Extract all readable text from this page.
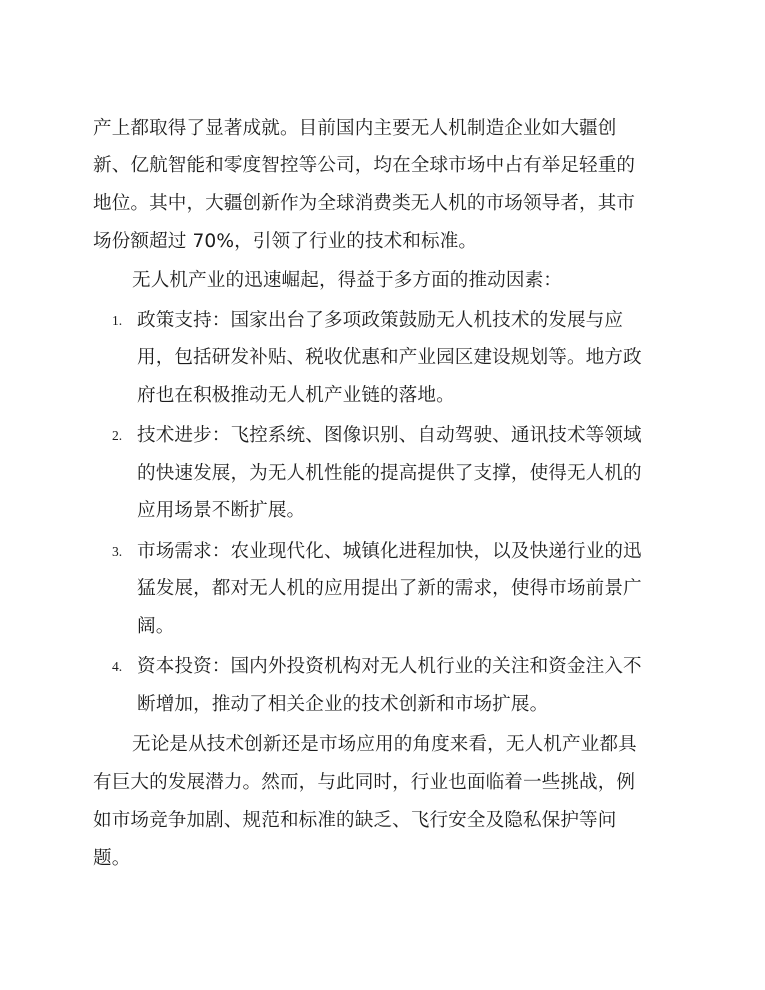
产上都取得了显著成就。目前国内主要无人机制造企业如大疆创
新、亿航智能和零度智控等公司，均在全球市场中占有举足轻重的
地位。其中，大疆创新作为全球消费类无人机的市场领导者，其市
场份额超过 70%，引领了行业的技术和标准。
无人机产业的迅速崛起，得益于多方面的推动因素：
1. 政策支持：国家出台了多项政策鼓励无人机技术的发展与应
用，包括研发补贴、税收优惠和产业园区建设规划等。地方政
府也在积极推动无人机产业链的落地。
2. 技术进步：飞控系统、图像识别、自动驾驶、通讯技术等领域
的快速发展，为无人机性能的提高提供了支撑，使得无人机的
应用场景不断扩展。
3. 市场需求：农业现代化、城镇化进程加快，以及快递行业的迅
猛发展，都对无人机的应用提出了新的需求，使得市场前景广
阔。
4. 资本投资：国内外投资机构对无人机行业的关注和资金注入不
断增加，推动了相关企业的技术创新和市场扩展。
无论是从技术创新还是市场应用的角度来看，无人机产业都具
有巨大的发展潜力。然而，与此同时，行业也面临着一些挑战，例
如市场竞争加剧、规范和标准的缺乏、飞行安全及隐私保护等问
题。
